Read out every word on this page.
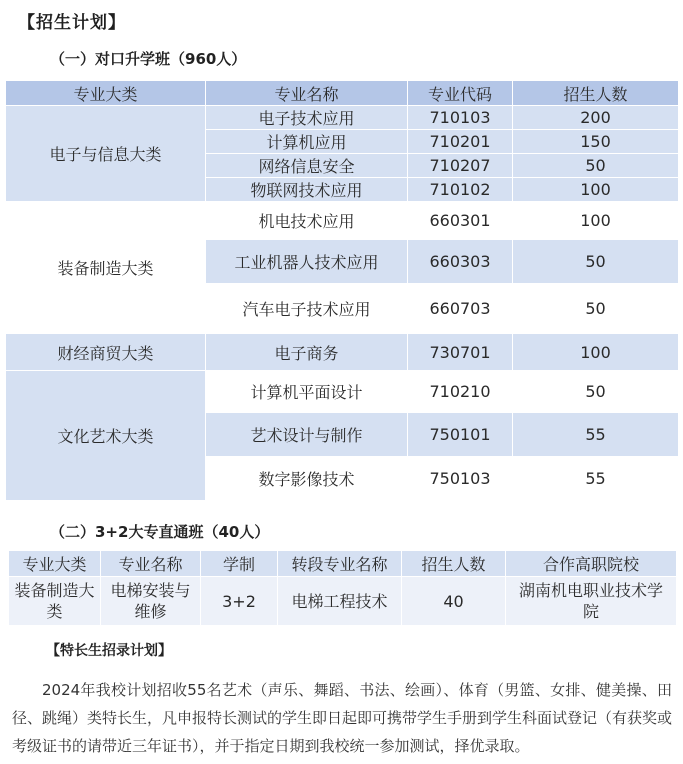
【招生计划】
（一）对口升学班（960人）
专业大类	专业名称	专业代码	招生人数
电子与信息大类	电子技术应用	710103	200
	计算机应用	710201	150
	网络信息安全	710207	50
	物联网技术应用	710102	100
装备制造大类	机电技术应用	660301	100
	工业机器人技术应用	660303	50
	汽车电子技术应用	660703	50
财经商贸大类	电子商务	730701	100
文化艺术大类	计算机平面设计	710210	50
	艺术设计与制作	750101	55
	数字影像技术	750103	55
（二）3+2大专直通班（40人）
专业大类	专业名称	学制	转段专业名称	招生人数	合作高职院校
装备制造大类	电梯安装与维修	3+2	电梯工程技术	40	湖南机电职业技术学院
【特长生招录计划】
2024年我校计划招收55名艺术（声乐、舞蹈、书法、绘画）、体育（男篮、女排、健美操、田径、跳绳）类特长生，凡申报特长测试的学生即日起即可携带学生手册到学生科面试登记（有获奖或考级证书的请带近三年证书），并于指定日期到我校统一参加测试，择优录取。
